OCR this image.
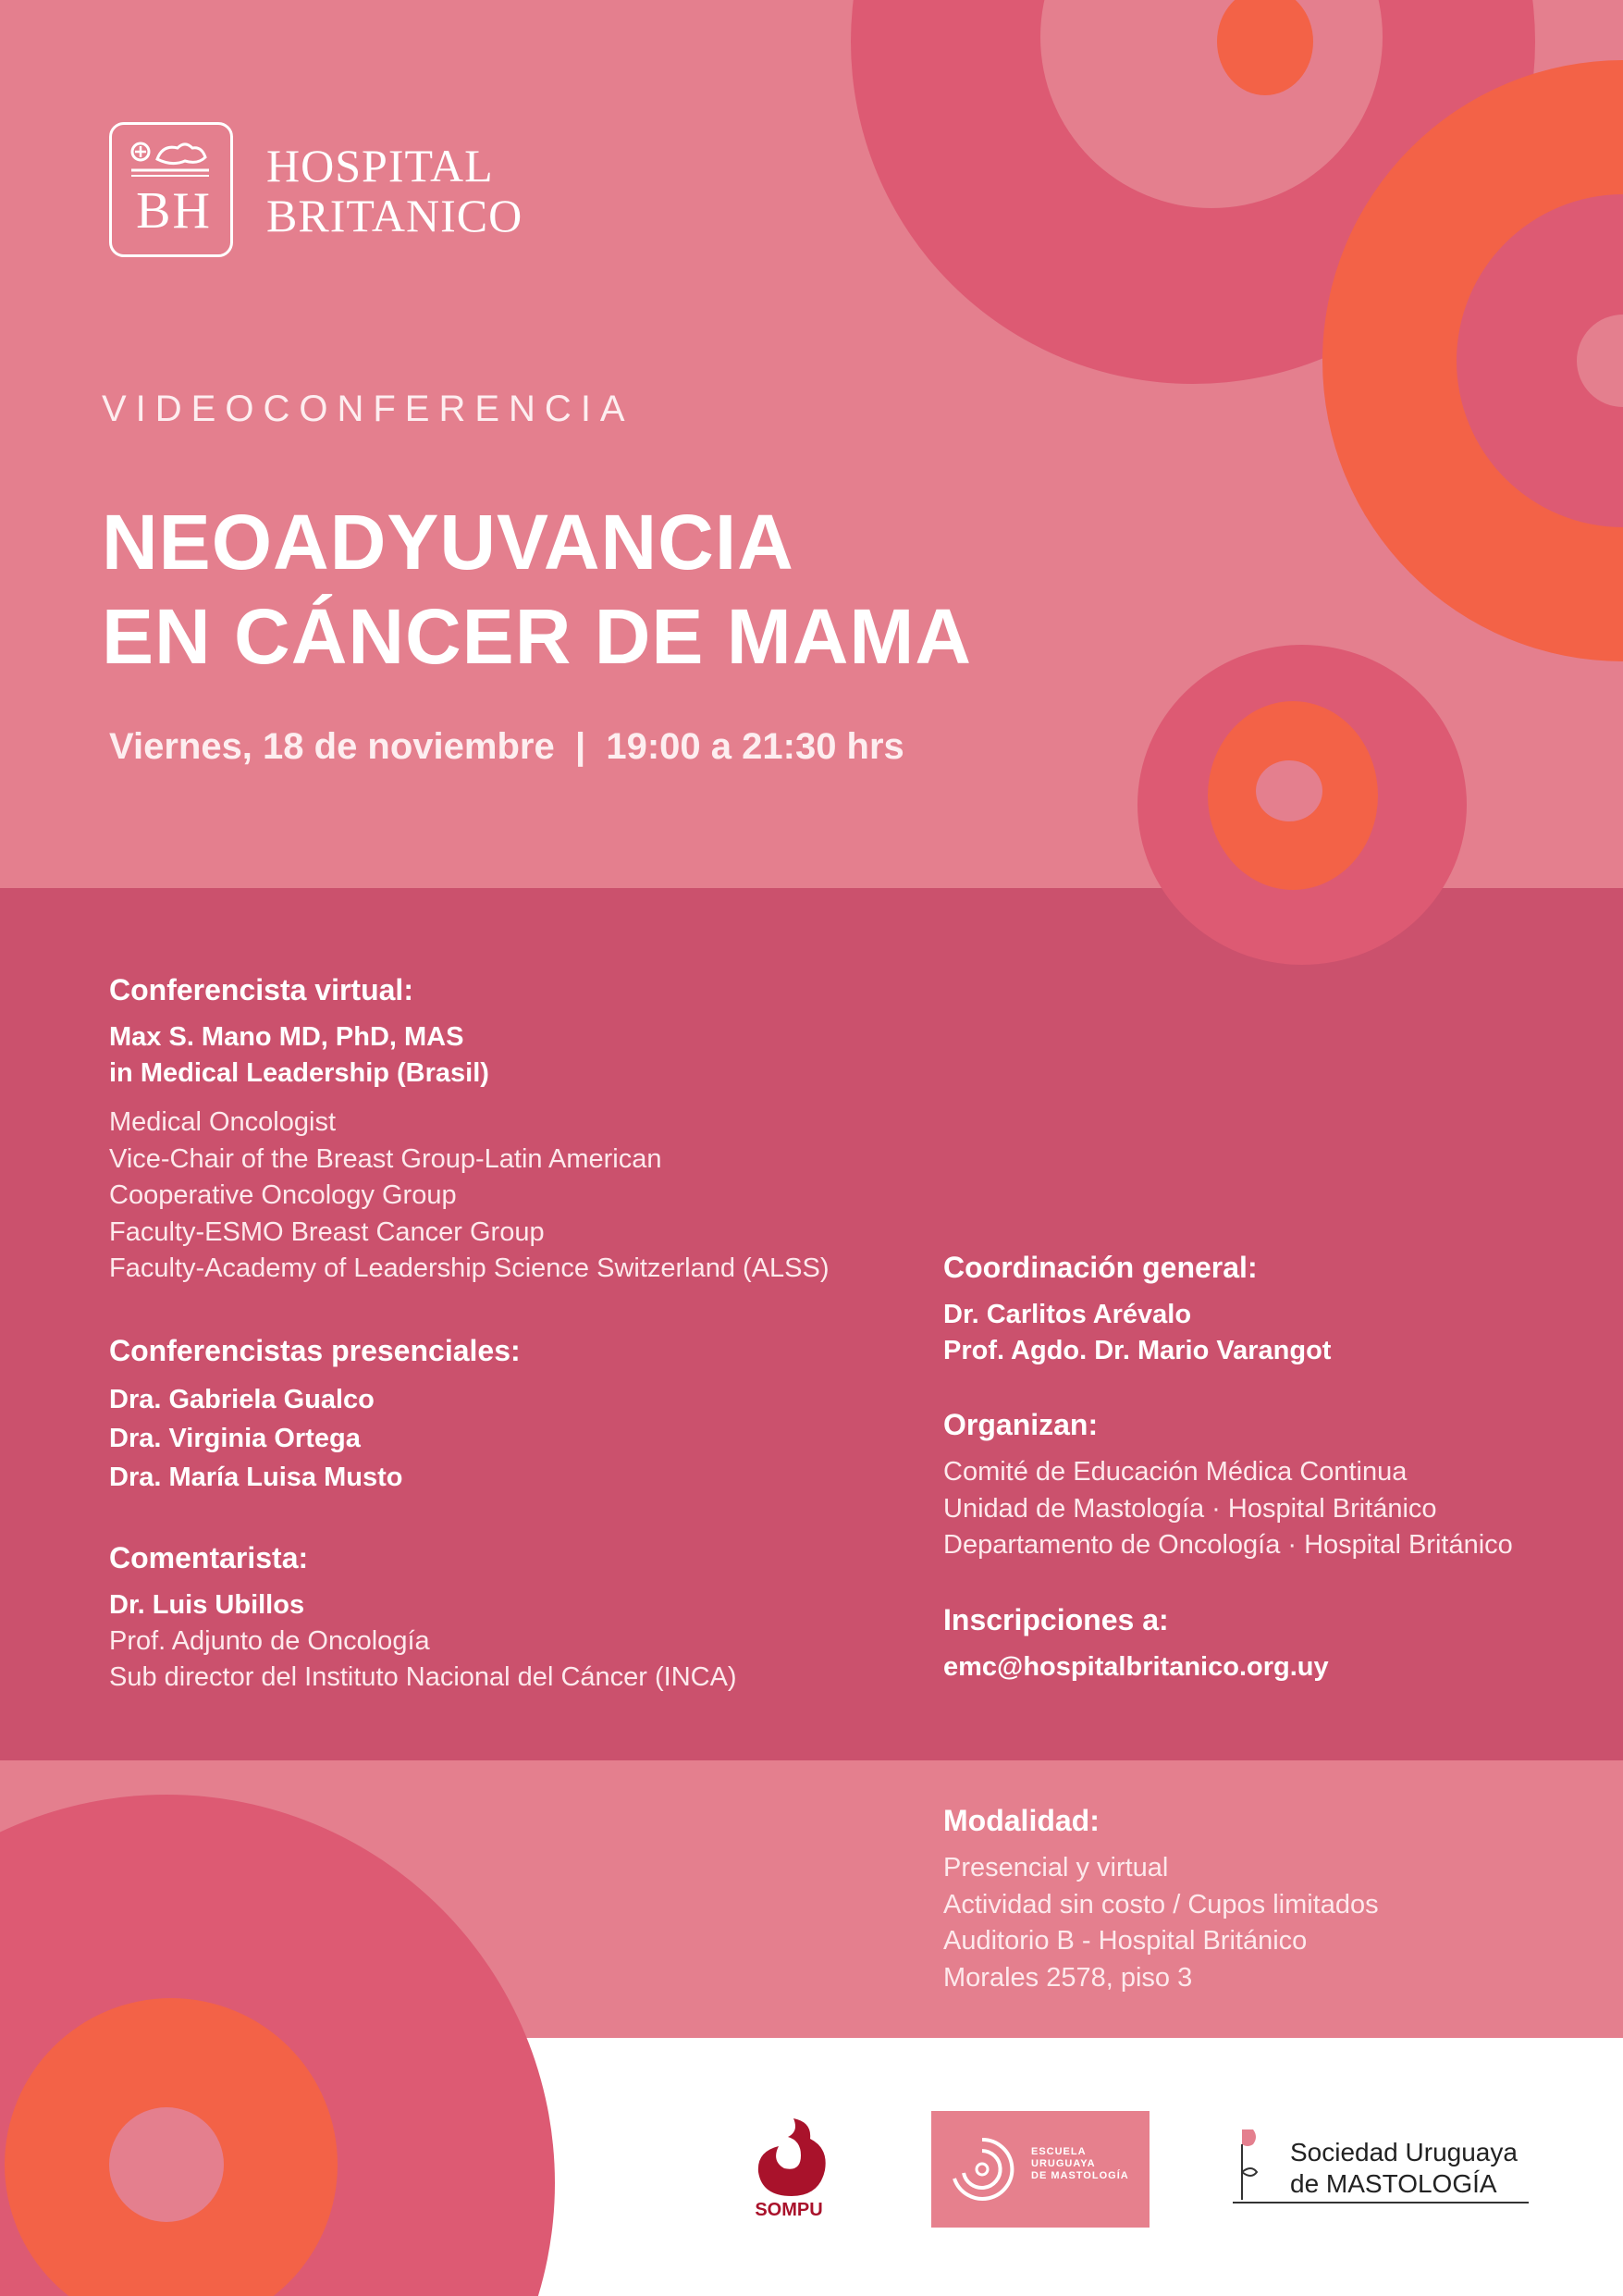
BH
HOSPITAL
BRITANICO
VIDEOCONFERENCIA
NEOADYUVANCIA
EN CÁNCER DE MAMA
Viernes, 18 de noviembre  |  19:00 a 21:30 hrs
Conferencista virtual:
Max S. Mano MD, PhD, MAS
in Medical Leadership (Brasil)
Medical Oncologist
Vice-Chair of the Breast Group-Latin American
Cooperative Oncology Group
Faculty-ESMO Breast Cancer Group
Faculty-Academy of Leadership Science Switzerland (ALSS)
Conferencistas presenciales:
Dra. Gabriela Gualco
Dra. Virginia Ortega
Dra. María Luisa Musto
Comentarista:
Dr. Luis Ubillos
Prof. Adjunto de Oncología
Sub director del Instituto Nacional del Cáncer (INCA)
Coordinación general:
Dr. Carlitos Arévalo
Prof. Agdo. Dr. Mario Varangot
Organizan:
Comité de Educación Médica Continua
Unidad de Mastología · Hospital Británico
Departamento de Oncología · Hospital Británico
Inscripciones a:
emc@hospitalbritanico.org.uy
Modalidad:
Presencial y virtual
Actividad sin costo / Cupos limitados
Auditorio B - Hospital Británico
Morales 2578, piso 3
SOMPU
ESCUELA
URUGUAYA
DE MASTOLOGÍA
Sociedad Uruguaya
de MASTOLOGÍA
